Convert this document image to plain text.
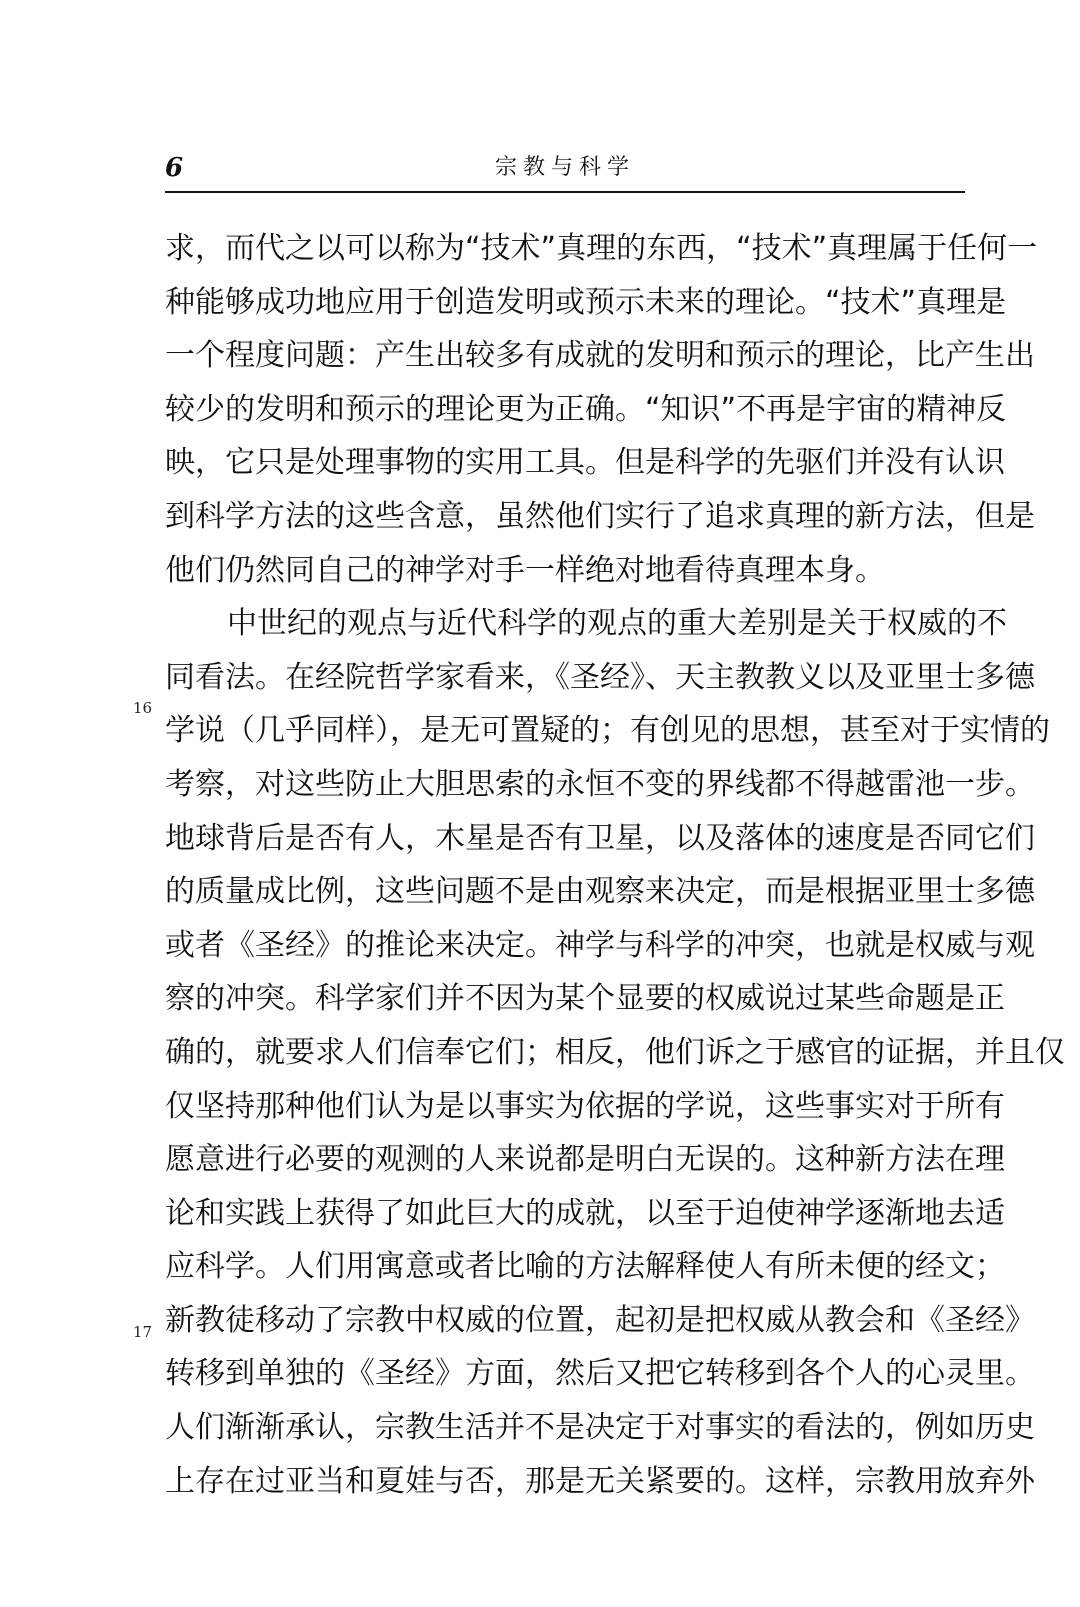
6	宗教与科学
16
17
求，而代之以可以称为“技术”真理的东西，“技术”真理属于任何一
种能够成功地应用于创造发明或预示未来的理论。“技术”真理是
一个程度问题：产生出较多有成就的发明和预示的理论，比产生出
较少的发明和预示的理论更为正确。“知识”不再是宇宙的精神反
映，它只是处理事物的实用工具。但是科学的先驱们并没有认识
到科学方法的这些含意，虽然他们实行了追求真理的新方法，但是
他们仍然同自己的神学对手一样绝对地看待真理本身。
中世纪的观点与近代科学的观点的重大差别是关于权威的不
同看法。在经院哲学家看来，《圣经》、天主教教义以及亚里士多德
学说（几乎同样），是无可置疑的；有创见的思想，甚至对于实情的
考察，对这些防止大胆思索的永恒不变的界线都不得越雷池一步。
地球背后是否有人，木星是否有卫星，以及落体的速度是否同它们
的质量成比例，这些问题不是由观察来决定，而是根据亚里士多德
或者《圣经》的推论来决定。神学与科学的冲突，也就是权威与观
察的冲突。科学家们并不因为某个显要的权威说过某些命题是正
确的，就要求人们信奉它们；相反，他们诉之于感官的证据，并且仅
仅坚持那种他们认为是以事实为依据的学说，这些事实对于所有
愿意进行必要的观测的人来说都是明白无误的。这种新方法在理
论和实践上获得了如此巨大的成就，以至于迫使神学逐渐地去适
应科学。人们用寓意或者比喻的方法解释使人有所未便的经文；
新教徒移动了宗教中权威的位置，起初是把权威从教会和《圣经》
转移到单独的《圣经》方面，然后又把它转移到各个人的心灵里。
人们渐渐承认，宗教生活并不是决定于对事实的看法的，例如历史
上存在过亚当和夏娃与否，那是无关紧要的。这样，宗教用放弃外
